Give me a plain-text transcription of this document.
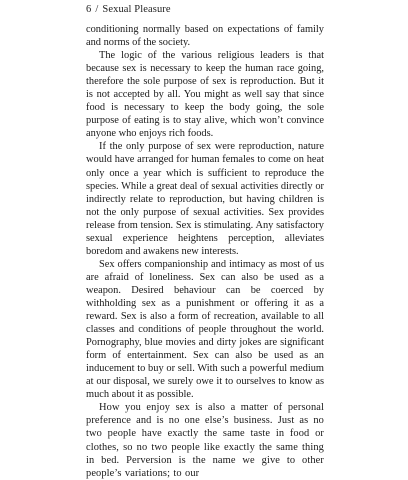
6 / Sexual Pleasure

conditioning normally based on expectations of family and norms of the society.

The logic of the various religious leaders is that because sex is necessary to keep the human race going, therefore the sole purpose of sex is reproduction. But it is not accepted by all. You might as well say that since food is necessary to keep the body going, the sole purpose of eating is to stay alive, which won’t convince anyone who enjoys rich foods.

If the only purpose of sex were reproduction, nature would have arranged for human females to come on heat only once a year which is sufficient to reproduce the species. While a great deal of sexual activities directly or indirectly relate to reproduction, but having children is not the only purpose of sexual activities. Sex provides release from tension. Sex is stimulating. Any satisfactory sexual experience heightens perception, alleviates boredom and awakens new interests.

Sex offers companionship and intimacy as most of us are afraid of loneliness. Sex can also be used as a weapon. Desired behaviour can be coerced by withholding sex as a punishment or offering it as a reward. Sex is also a form of recreation, available to all classes and conditions of people throughout the world. Pornography, blue movies and dirty jokes are significant form of entertainment. Sex can also be used as an inducement to buy or sell. With such a powerful medium at our disposal, we surely owe it to ourselves to know as much about it as possible.

How you enjoy sex is also a matter of personal preference and is no one else’s business. Just as no two people have exactly the same taste in food or clothes, so no two people like exactly the same thing in bed. Perversion is the name we give to other people’s variations; to our
